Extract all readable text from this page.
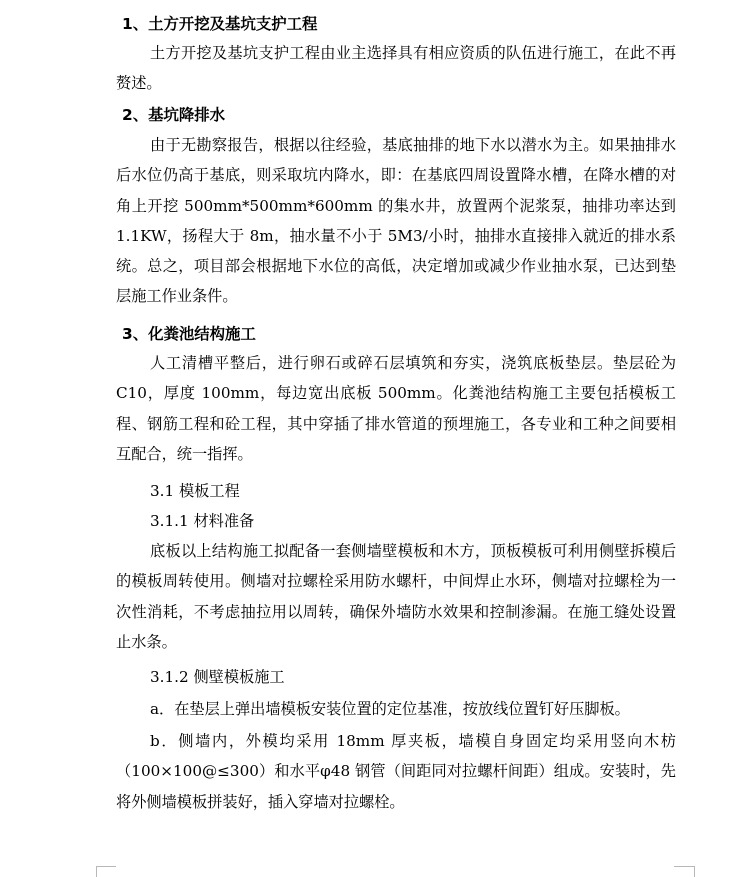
1、土方开挖及基坑支护工程

土方开挖及基坑支护工程由业主选择具有相应资质的队伍进行施工，在此不再赘述。

2、基坑降排水

由于无勘察报告，根据以往经验，基底抽排的地下水以潜水为主。如果抽排水后水位仍高于基底，则采取坑内降水，即：在基底四周设置降水槽，在降水槽的对角上开挖 500mm*500mm*600mm 的集水井，放置两个泥浆泵，抽排功率达到 1.1KW，扬程大于 8m，抽水量不小于 5M3/小时，抽排水直接排入就近的排水系统。总之，项目部会根据地下水位的高低，决定增加或减少作业抽水泵，已达到垫层施工作业条件。

3、化粪池结构施工

人工清槽平整后，进行卵石或碎石层填筑和夯实，浇筑底板垫层。垫层砼为 C10，厚度 100mm，每边宽出底板 500mm。化粪池结构施工主要包括模板工程、钢筋工程和砼工程，其中穿插了排水管道的预埋施工，各专业和工种之间要相互配合，统一指挥。

3.1 模板工程

3.1.1 材料准备

底板以上结构施工拟配备一套侧墙壁模板和木方，顶板模板可利用侧壁拆模后的模板周转使用。侧墙对拉螺栓采用防水螺杆，中间焊止水环，侧墙对拉螺栓为一次性消耗，不考虑抽拉用以周转，确保外墙防水效果和控制渗漏。在施工缝处设置止水条。

3.1.2 侧壁模板施工

a．在垫层上弹出墙模板安装位置的定位基准，按放线位置钉好压脚板。

b．侧墙内，外模均采用 18mm 厚夹板，墙模自身固定均采用竖向木枋（100×100@≤300）和水平φ48 钢管（间距同对拉螺杆间距）组成。安装时，先将外侧墙模板拼装好，插入穿墙对拉螺栓。
